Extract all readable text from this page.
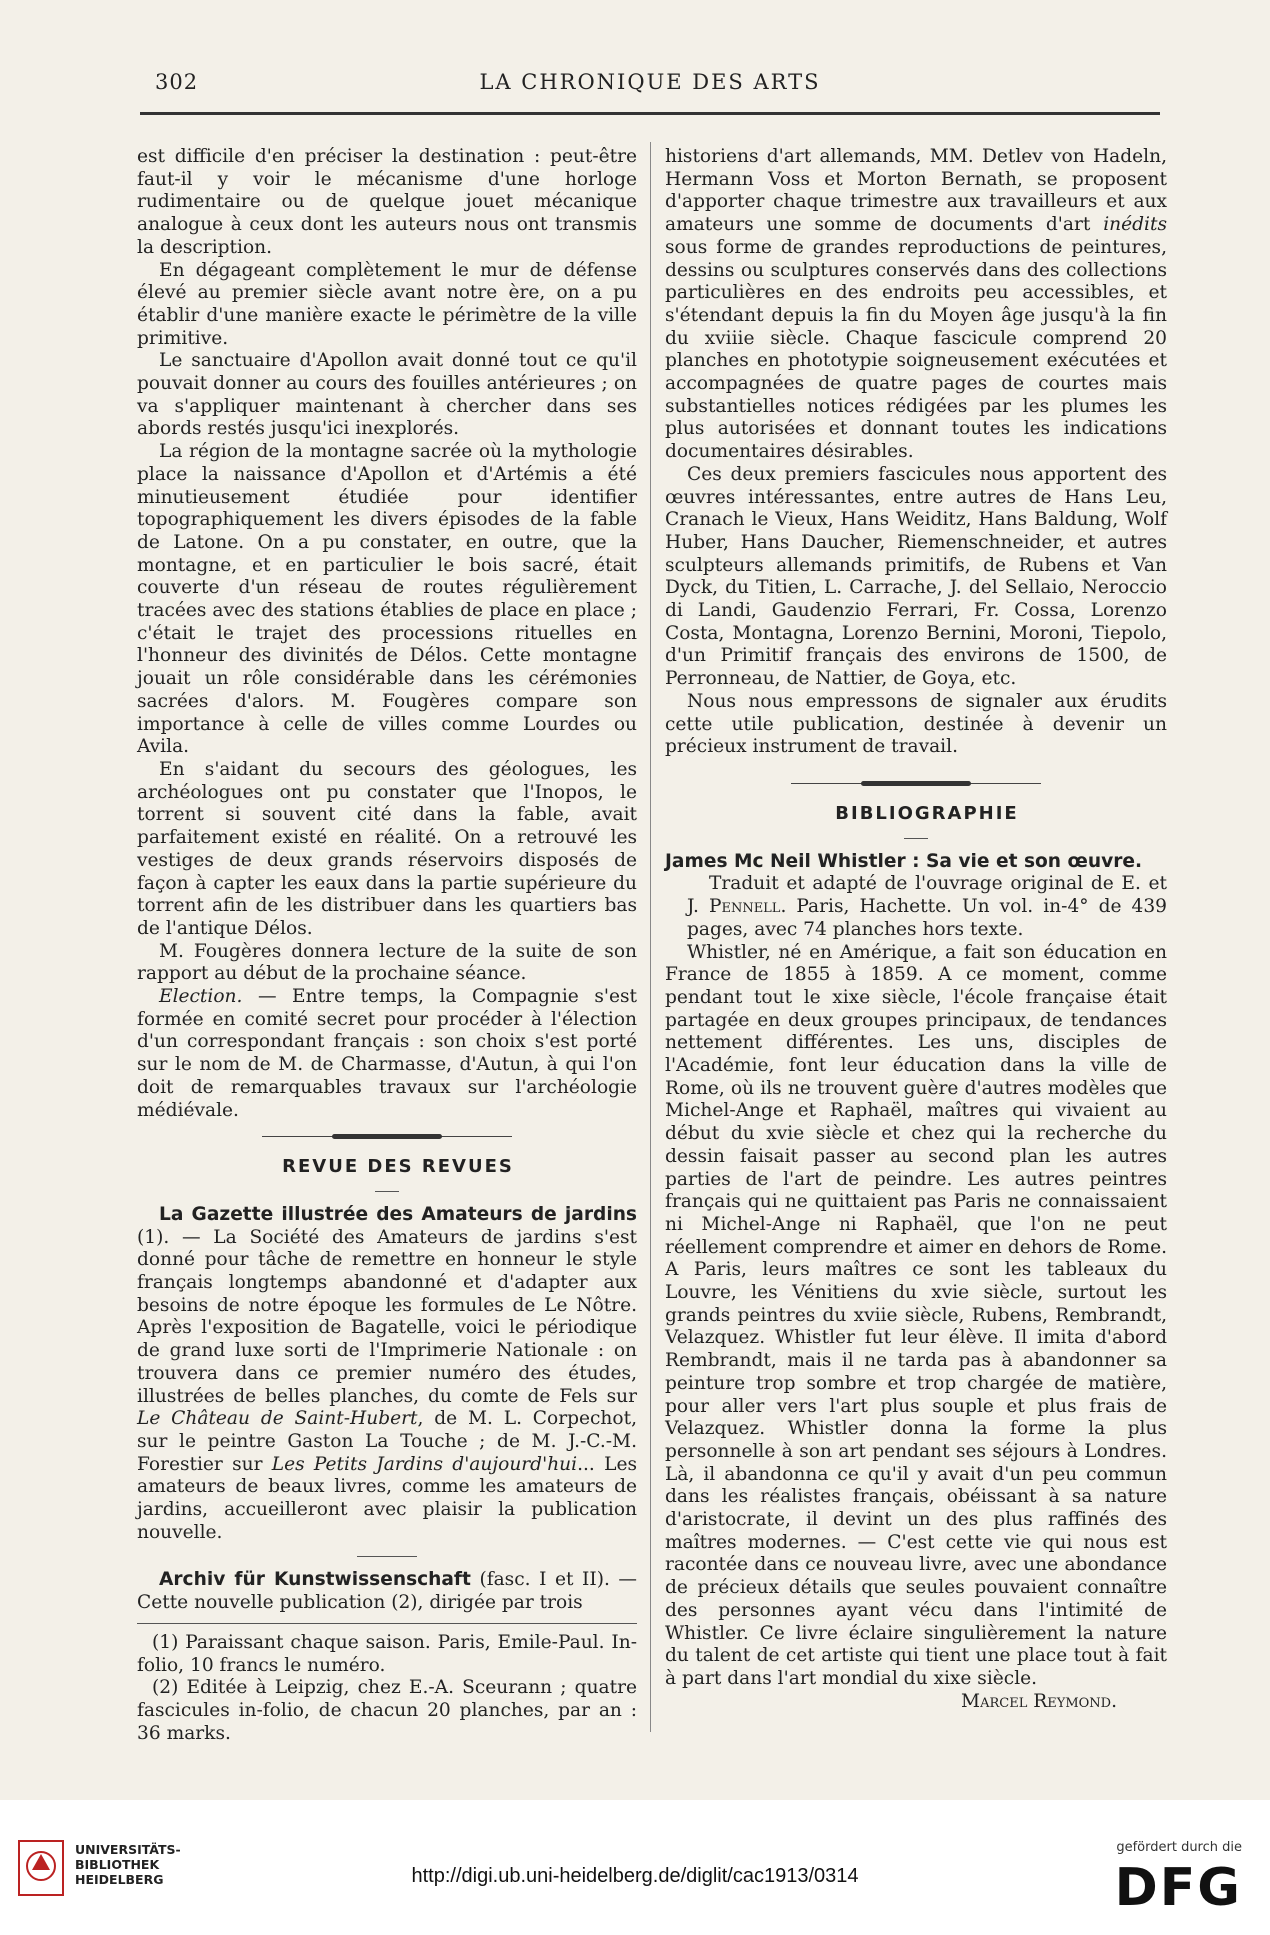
302	LA CHRONIQUE DES ARTS

est difficile d'en préciser la destination : peut-être faut-il y voir le mécanisme d'une horloge rudimentaire ou de quelque jouet mécanique analogue à ceux dont les auteurs nous ont transmis la description.

En dégageant complètement le mur de défense élevé au premier siècle avant notre ère, on a pu établir d'une manière exacte le périmètre de la ville primitive.

Le sanctuaire d'Apollon avait donné tout ce qu'il pouvait donner au cours des fouilles antérieures ; on va s'appliquer maintenant à chercher dans ses abords restés jusqu'ici inexplorés.

La région de la montagne sacrée où la mythologie place la naissance d'Apollon et d'Artémis a été minutieusement étudiée pour identifier topographiquement les divers épisodes de la fable de Latone. On a pu constater, en outre, que la montagne, et en particulier le bois sacré, était couverte d'un réseau de routes régulièrement tracées avec des stations établies de place en place ; c'était le trajet des processions rituelles en l'honneur des divinités de Délos. Cette montagne jouait un rôle considérable dans les cérémonies sacrées d'alors. M. Fougères compare son importance à celle de villes comme Lourdes ou Avila.

En s'aidant du secours des géologues, les archéologues ont pu constater que l'Inopos, le torrent si souvent cité dans la fable, avait parfaitement existé en réalité. On a retrouvé les vestiges de deux grands réservoirs disposés de façon à capter les eaux dans la partie supérieure du torrent afin de les distribuer dans les quartiers bas de l'antique Délos.

M. Fougères donnera lecture de la suite de son rapport au début de la prochaine séance.

Election. — Entre temps, la Compagnie s'est formée en comité secret pour procéder à l'élection d'un correspondant français : son choix s'est porté sur le nom de M. de Charmasse, d'Autun, à qui l'on doit de remarquables travaux sur l'archéologie médiévale.

REVUE DES REVUES

La Gazette illustrée des Amateurs de jardins (1). — La Société des Amateurs de jardins s'est donné pour tâche de remettre en honneur le style français longtemps abandonné et d'adapter aux besoins de notre époque les formules de Le Nôtre. Après l'exposition de Bagatelle, voici le périodique de grand luxe sorti de l'Imprimerie Nationale : on trouvera dans ce premier numéro des études, illustrées de belles planches, du comte de Fels sur Le Château de Saint-Hubert, de M. L. Corpechot, sur le peintre Gaston La Touche ; de M. J.-C.-M. Forestier sur Les Petits Jardins d'aujourd'hui... Les amateurs de beaux livres, comme les amateurs de jardins, accueilleront avec plaisir la publication nouvelle.

Archiv für Kunstwissenschaft (fasc. I et II). — Cette nouvelle publication (2), dirigée par trois

(1) Paraissant chaque saison. Paris, Emile-Paul. In-folio, 10 francs le numéro.

(2) Editée à Leipzig, chez E.-A. Sceurann ; quatre fascicules in-folio, de chacun 20 planches, par an : 36 marks.

historiens d'art allemands, MM. Detlev von Hadeln, Hermann Voss et Morton Bernath, se proposent d'apporter chaque trimestre aux travailleurs et aux amateurs une somme de documents d'art inédits sous forme de grandes reproductions de peintures, dessins ou sculptures conservés dans des collections particulières en des endroits peu accessibles, et s'étendant depuis la fin du Moyen âge jusqu'à la fin du xviiie siècle. Chaque fascicule comprend 20 planches en phototypie soigneusement exécutées et accompagnées de quatre pages de courtes mais substantielles notices rédigées par les plumes les plus autorisées et donnant toutes les indications documentaires désirables.

Ces deux premiers fascicules nous apportent des œuvres intéressantes, entre autres de Hans Leu, Cranach le Vieux, Hans Weiditz, Hans Baldung, Wolf Huber, Hans Daucher, Riemenschneider, et autres sculpteurs allemands primitifs, de Rubens et Van Dyck, du Titien, L. Carrache, J. del Sellaio, Neroccio di Landi, Gaudenzio Ferrari, Fr. Cossa, Lorenzo Costa, Montagna, Lorenzo Bernini, Moroni, Tiepolo, d'un Primitif français des environs de 1500, de Perronneau, de Nattier, de Goya, etc.

Nous nous empressons de signaler aux érudits cette utile publication, destinée à devenir un précieux instrument de travail.

BIBLIOGRAPHIE

James Mc Neil Whistler : Sa vie et son œuvre.

Traduit et adapté de l'ouvrage original de E. et J. Pennell. Paris, Hachette. Un vol. in-4° de 439 pages, avec 74 planches hors texte.

Whistler, né en Amérique, a fait son éducation en France de 1855 à 1859. A ce moment, comme pendant tout le xixe siècle, l'école française était partagée en deux groupes principaux, de tendances nettement différentes. Les uns, disciples de l'Académie, font leur éducation dans la ville de Rome, où ils ne trouvent guère d'autres modèles que Michel-Ange et Raphaël, maîtres qui vivaient au début du xvie siècle et chez qui la recherche du dessin faisait passer au second plan les autres parties de l'art de peindre. Les autres peintres français qui ne quittaient pas Paris ne connaissaient ni Michel-Ange ni Raphaël, que l'on ne peut réellement comprendre et aimer en dehors de Rome. A Paris, leurs maîtres ce sont les tableaux du Louvre, les Vénitiens du xvie siècle, surtout les grands peintres du xviie siècle, Rubens, Rembrandt, Velazquez. Whistler fut leur élève. Il imita d'abord Rembrandt, mais il ne tarda pas à abandonner sa peinture trop sombre et trop chargée de matière, pour aller vers l'art plus souple et plus frais de Velazquez. Whistler donna la forme la plus personnelle à son art pendant ses séjours à Londres. Là, il abandonna ce qu'il y avait d'un peu commun dans les réalistes français, obéissant à sa nature d'aristocrate, il devint un des plus raffinés des maîtres modernes. — C'est cette vie qui nous est racontée dans ce nouveau livre, avec une abondance de précieux détails que seules pouvaient connaître des personnes ayant vécu dans l'intimité de Whistler. Ce livre éclaire singulièrement la nature du talent de cet artiste qui tient une place tout à fait à part dans l'art mondial du xixe siècle.

Marcel Reymond.

UNIVERSITÄTS-
BIBLIOTHEK
HEIDELBERG	http://digi.ub.uni-heidelberg.de/diglit/cac1913/0314
gefördert durch die
DFG
